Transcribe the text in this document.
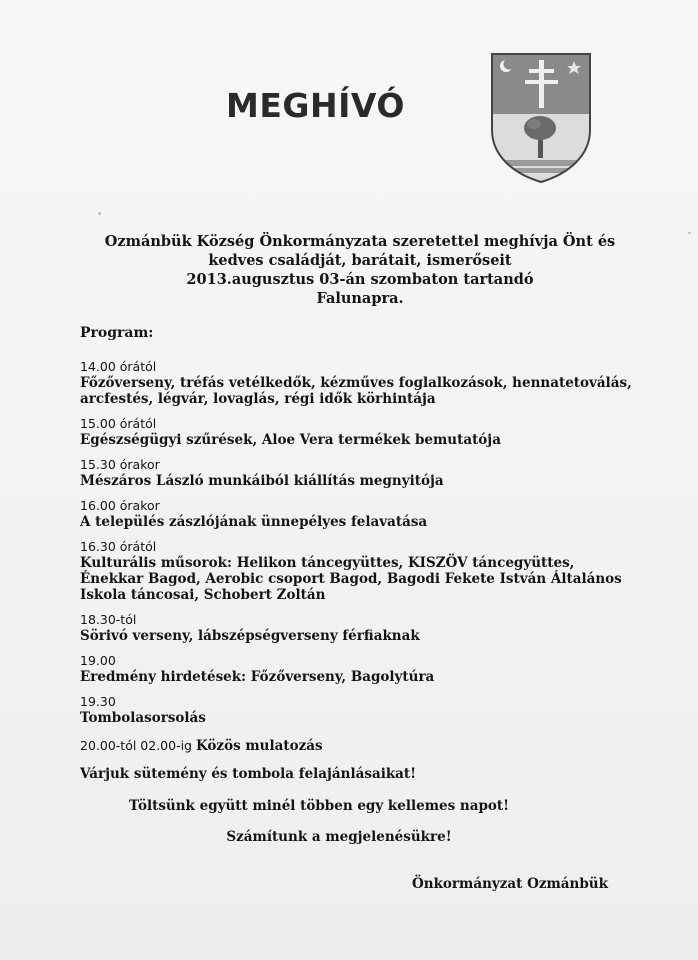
MEGHÍVÓ
Ozmánbük Község Önkormányzata szeretettel meghívja Önt és
kedves családját, barátait, ismerőseit
2013.augusztus 03-án szombaton tartandó
Falunapra.
Program:
14.00 órától
Főzőverseny, tréfás vetélkedők, kézműves foglalkozások, hennatetoválás,
arcfestés, légvár, lovaglás, régi idők körhintája
15.00 órától
Egészségügyi szűrések, Aloe Vera termékek bemutatója
15.30 órakor
Mészáros László munkáiból kiállítás megnyitója
16.00 órakor
A település zászlójának ünnepélyes felavatása
16.30 órától
Kulturális műsorok: Helikon táncegyüttes, KISZÖV táncegyüttes,
Énekkar Bagod, Aerobic csoport Bagod, Bagodi Fekete István Általános
Iskola táncosai, Schobert Zoltán
18.30-tól
Sörivó verseny, lábszépségverseny férfiaknak
19.00
Eredmény hirdetések: Főzőverseny, Bagolytúra
19.30
Tombolasorsolás
20.00-tól 02.00-ig Közös mulatozás
Várjuk sütemény és tombola felajánlásaikat!
Töltsünk együtt minél többen egy kellemes napot!
Számítunk a megjelenésükre!
Önkormányzat Ozmánbük
